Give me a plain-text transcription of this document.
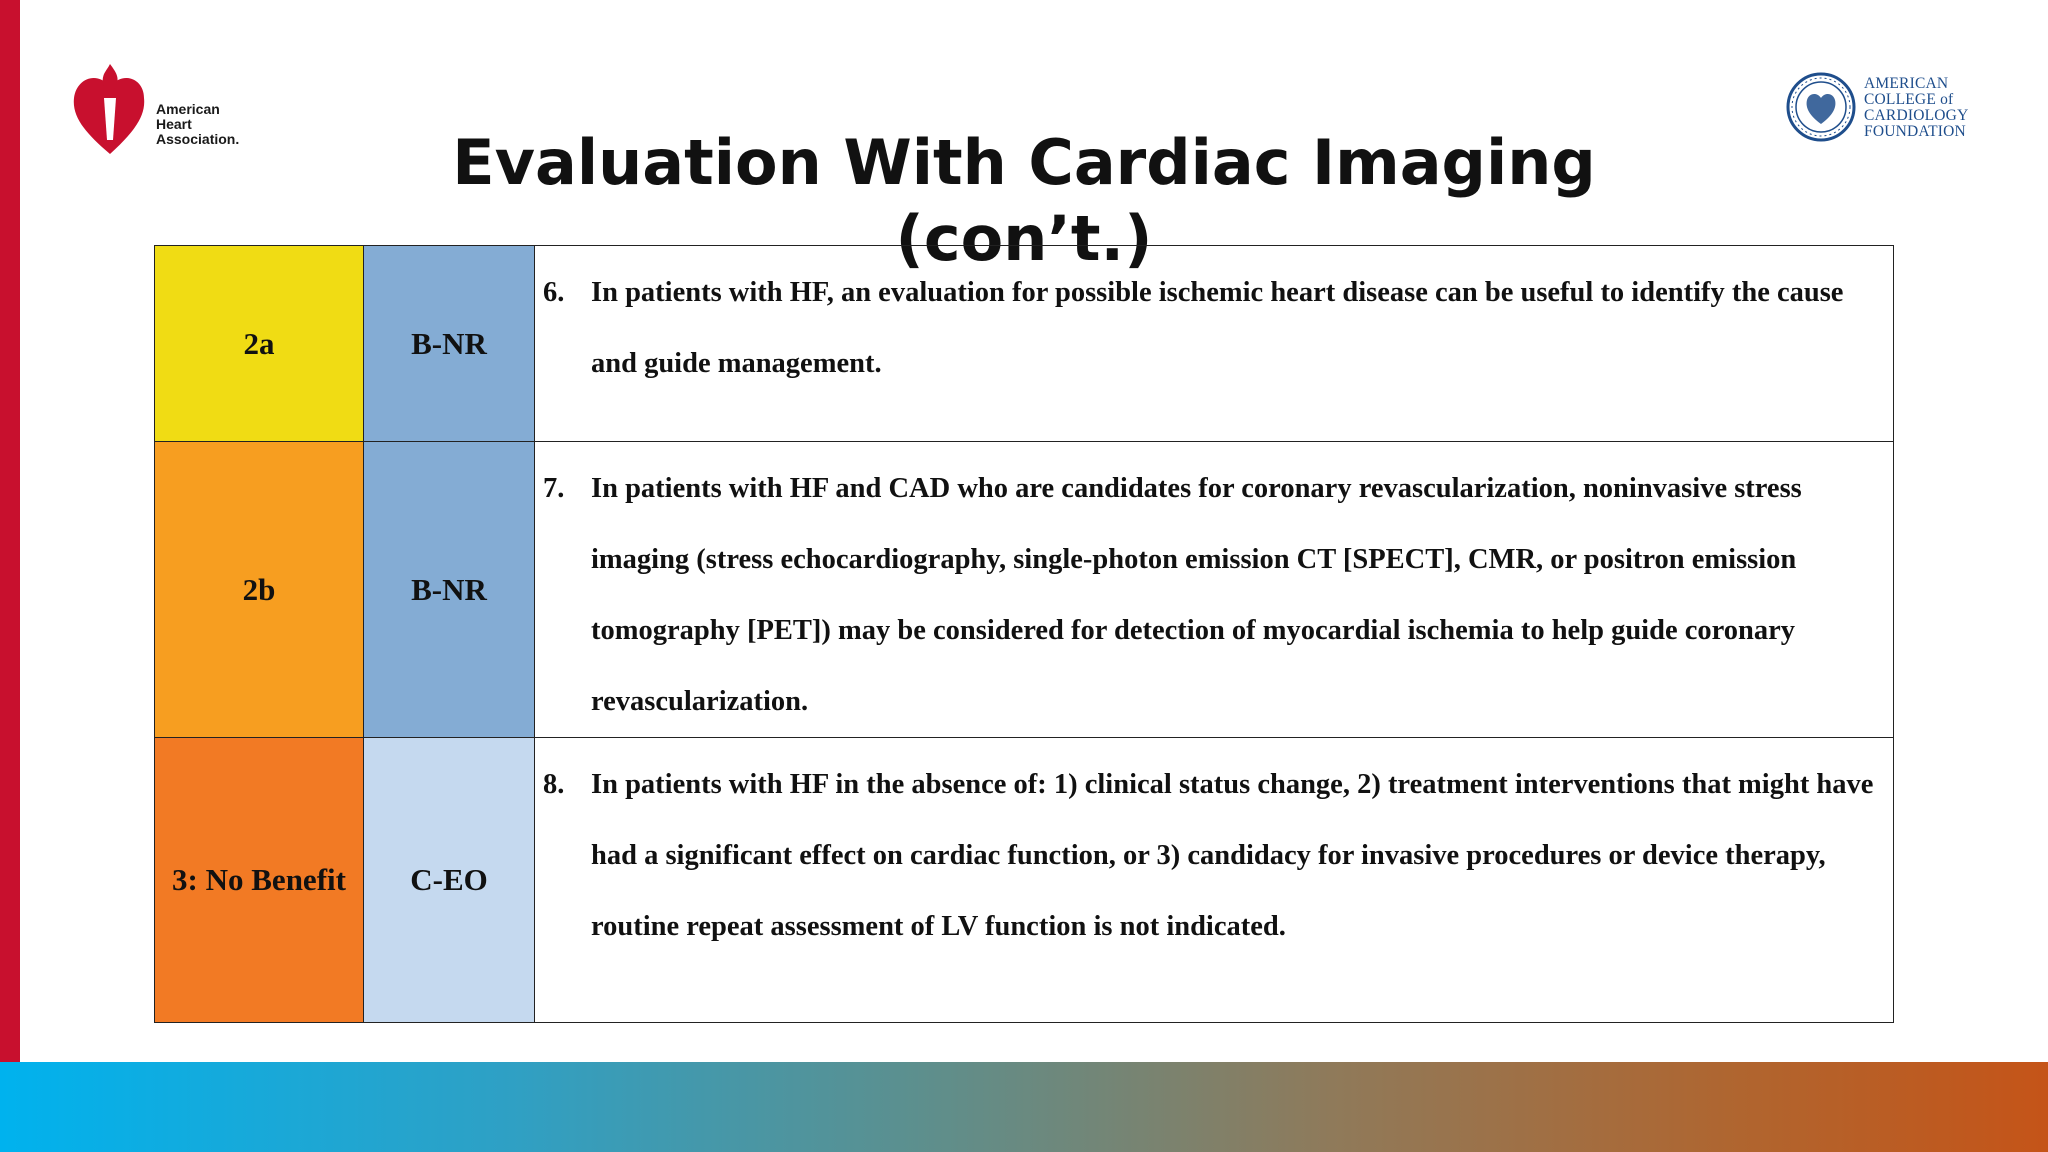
American
Heart
Association.
AMERICAN
COLLEGE of
CARDIOLOGY
FOUNDATION
Evaluation With Cardiac Imaging (con’t.)
2a	B-NR	6. In patients with HF, an evaluation for possible ischemic heart disease can be useful to identify the cause and guide management.

2b	B-NR	7. In patients with HF and CAD who are candidates for coronary revascularization, noninvasive stress imaging (stress echocardiography, single-photon emission CT [SPECT], CMR, or positron emission tomography [PET]) may be considered for detection of myocardial ischemia to help guide coronary revascularization.

3: No Benefit	C-EO	8. In patients with HF in the absence of: 1) clinical status change, 2) treatment interventions that might have had a significant effect on cardiac function, or 3) candidacy for invasive procedures or device therapy, routine repeat assessment of LV function is not indicated.
